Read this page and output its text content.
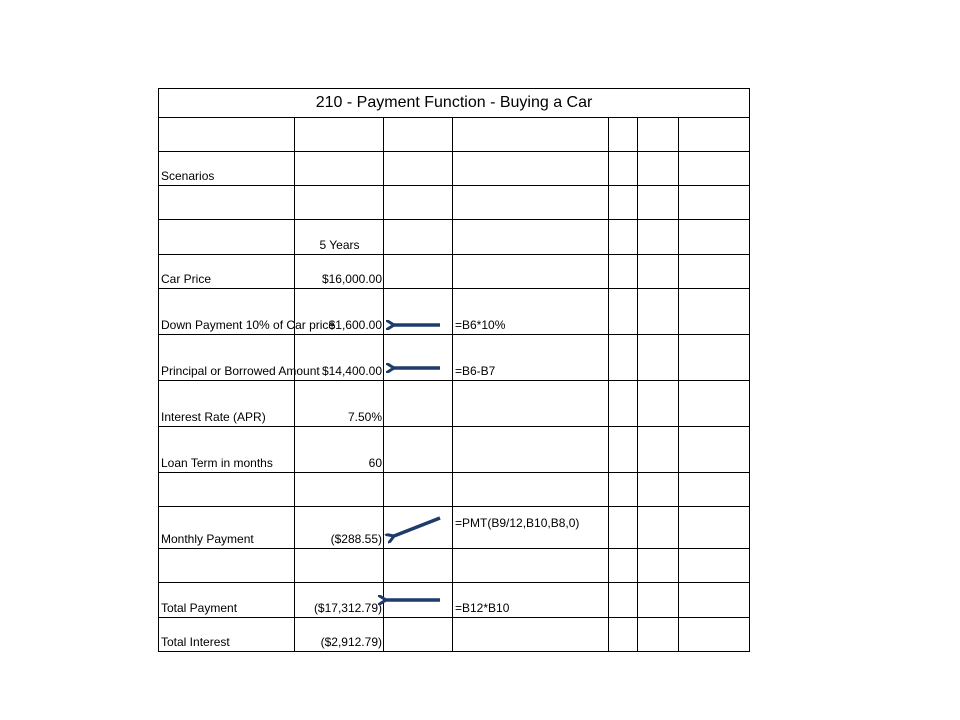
210 - Payment Function - Buying a Car						

Scenarios						

	5 Years					
Car Price	$16,000.00					
Down Payment 10% of Car price	$1,600.00		=B6*10%			
Principal or Borrowed Amount	$14,400.00		=B6-B7			
Interest Rate (APR)	7.50%					
Loan Term in months	60					

Monthly Payment	($288.55)		=PMT(B9/12,B10,B8,0)			

Total Payment	($17,312.79)		=B12*B10			
Total Interest	($2,912.79)					
